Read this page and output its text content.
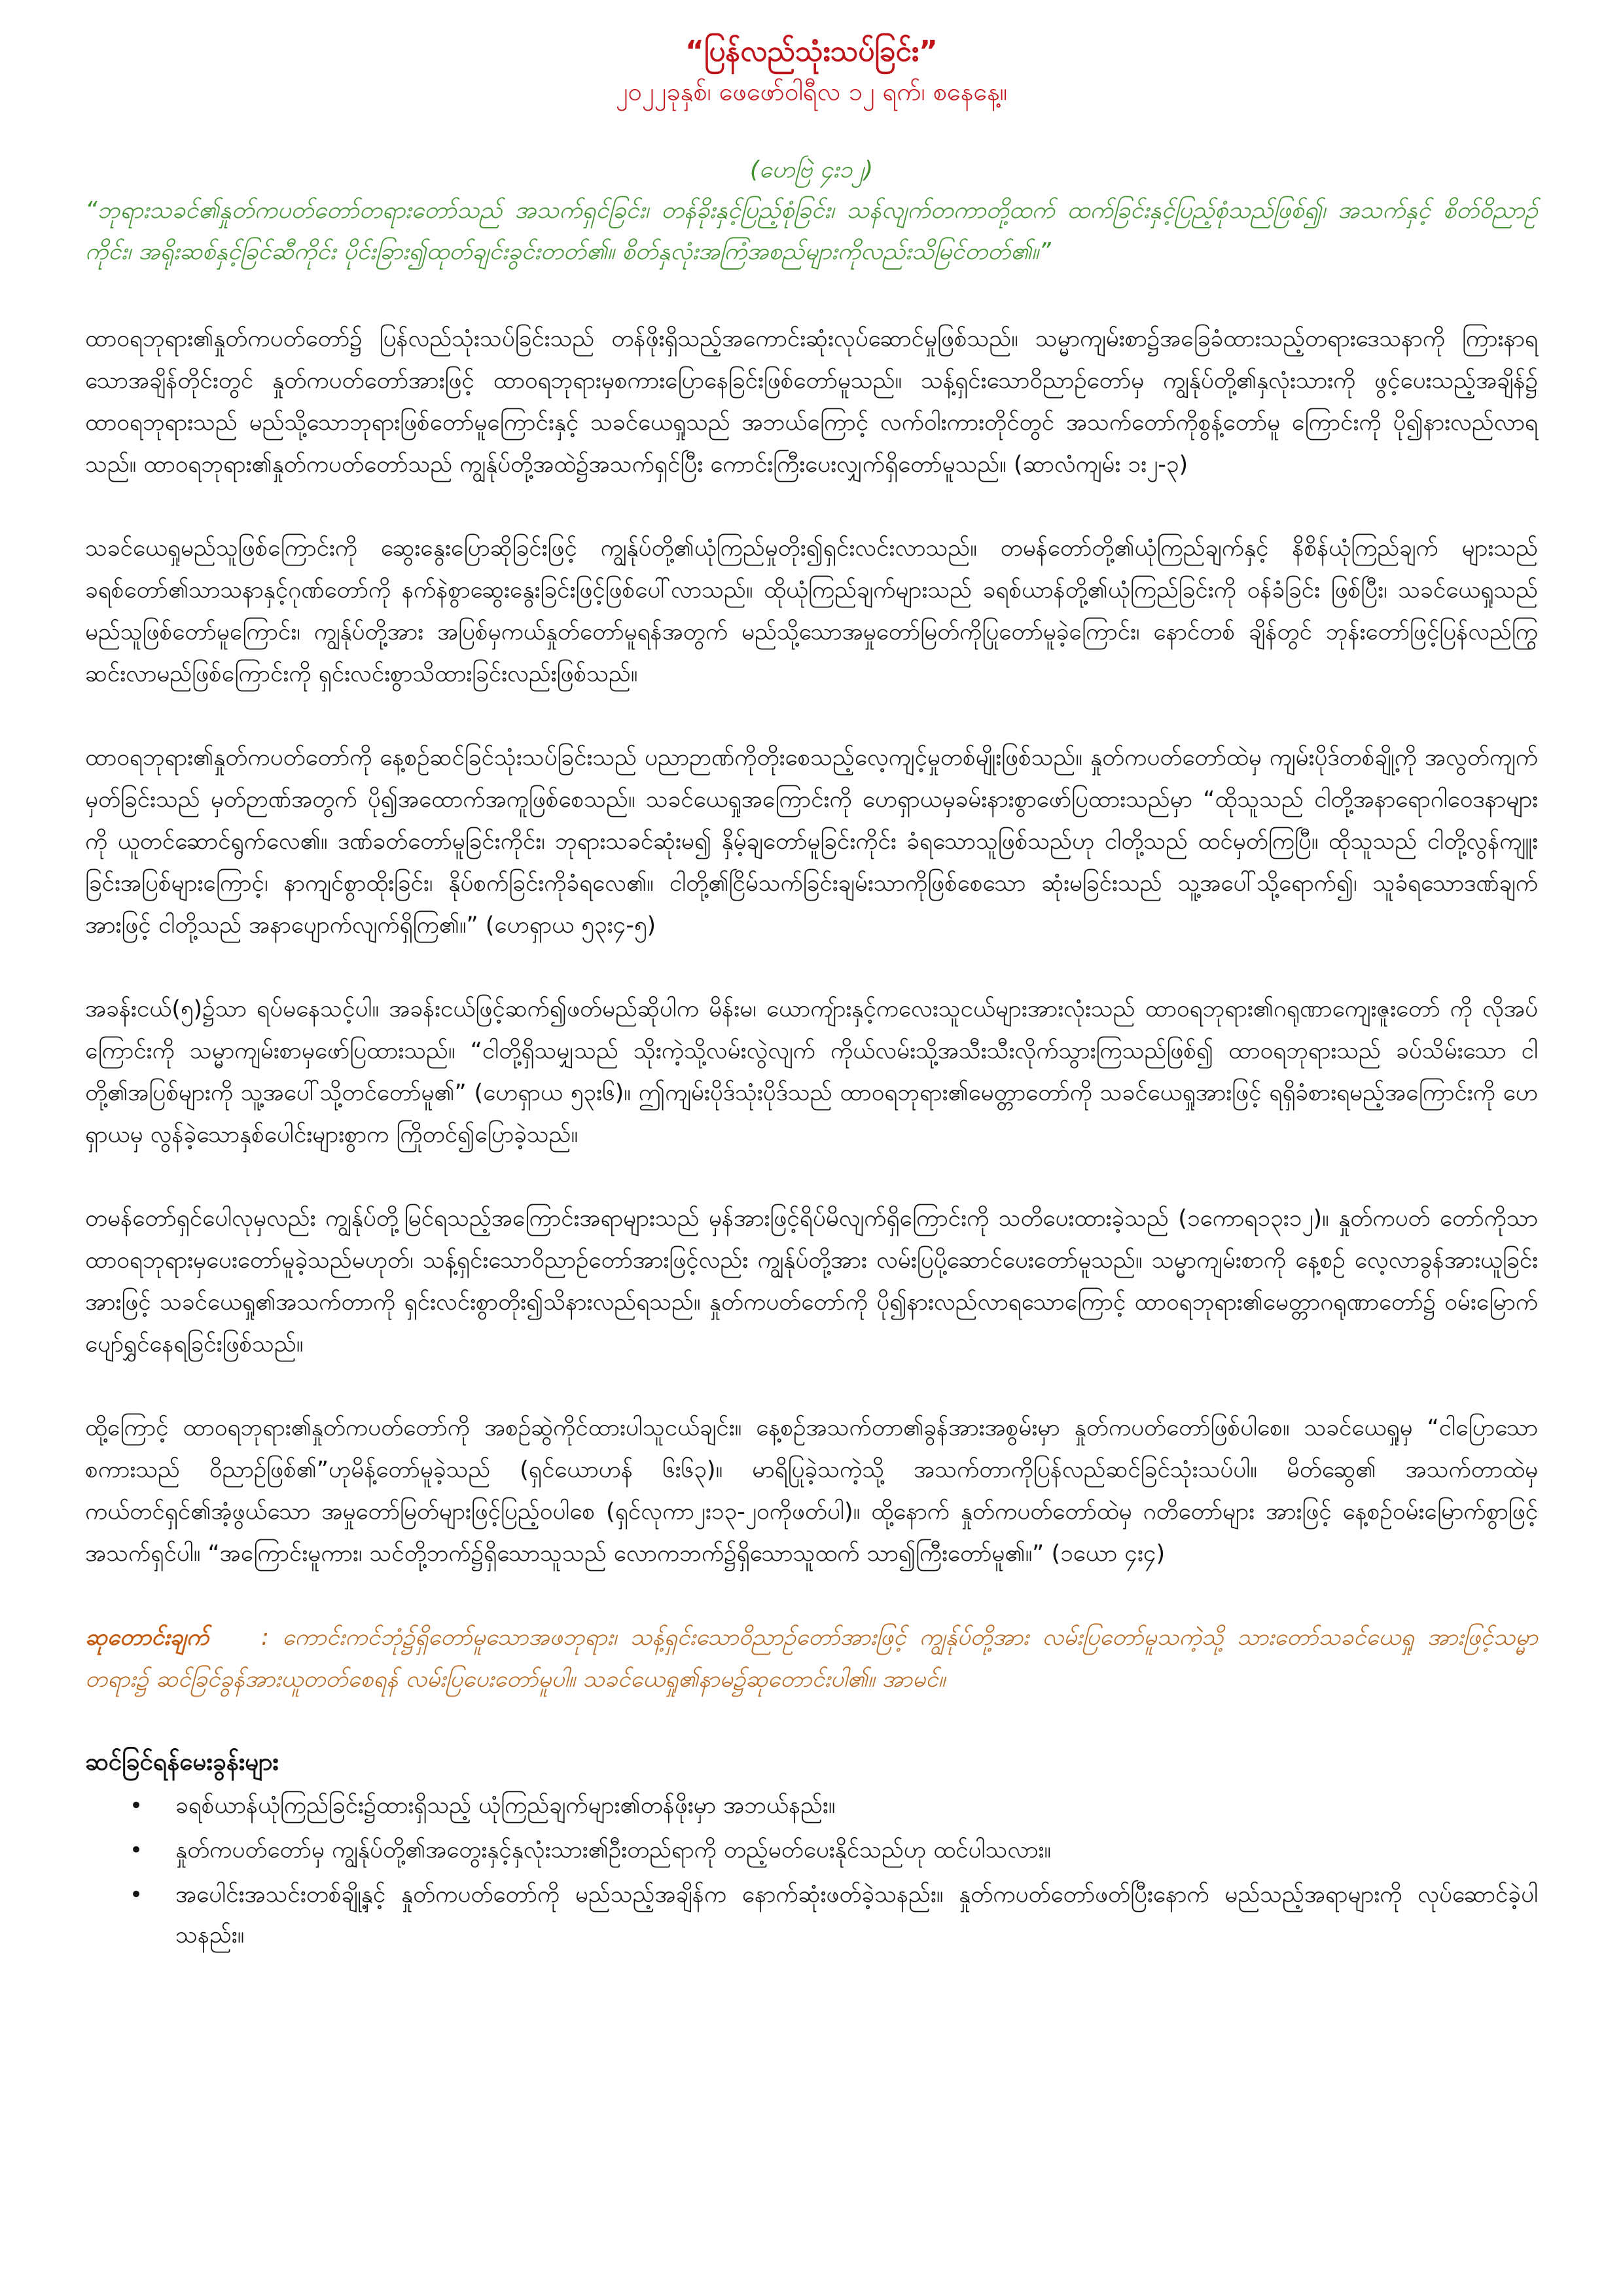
“ပြန်လည်သုံးသပ်ခြင်း”

၂၀၂၂ခုနှစ်၊ ဖေဖော်ဝါရီလ ၁၂ ရက်၊ စနေနေ့။

(ဟေဗြဲ ၄း၁၂)

“ဘုရားသခင်၏နှုတ်ကပတ်တော်တရားတော်သည် အသက်ရှင်ခြင်း၊ တန်ခိုးနှင့်ပြည့်စုံခြင်း၊ သန်လျက်တကာတို့ထက် ထက်ခြင်းနှင့်ပြည့်စုံသည်ဖြစ်၍၊ အသက်နှင့် စိတ်ဝိညာဉ်ကိုင်း၊ အရိုးဆစ်နှင့်ခြင်ဆီကိုင်း ပိုင်းခြား၍ထုတ်ချင်းခွင်းတတ်၏။ စိတ်နှလုံးအကြံအစည်များကိုလည်းသိမြင်တတ်၏။”

ထာဝရဘုရား၏နှုတ်ကပတ်တော်၌ ပြန်လည်သုံးသပ်ခြင်းသည် တန်ဖိုးရှိသည့်အကောင်းဆုံးလုပ်ဆောင်မှုဖြစ်သည်။ သမ္မာကျမ်းစာ၌အခြေခံထားသည့်တရားဒေသနာကို ကြားနာရသောအချိန်တိုင်းတွင် နှုတ်ကပတ်တော်အားဖြင့် ထာဝရဘုရားမှစကားပြောနေခြင်းဖြစ်တော်မူသည်။ သန့်ရှင်းသောဝိညာဉ်တော်မှ ကျွန်ုပ်တို့၏နှလုံးသားကို ဖွင့်ပေးသည့်အချိန်၌ ထာဝရဘုရားသည် မည်သို့သောဘုရားဖြစ်တော်မူကြောင်းနှင့် သခင်ယေရှုသည် အဘယ်ကြောင့် လက်ဝါးကားတိုင်တွင် အသက်တော်ကိုစွန့်တော်မူ ကြောင်းကို ပို၍နားလည်လာရသည်။ ထာဝရဘုရား၏နှုတ်ကပတ်တော်သည် ကျွန်ုပ်တို့အထဲ၌အသက်ရှင်ပြီး ကောင်းကြီးပေးလျှက်ရှိတော်မူသည်။ (ဆာလံကျမ်း ၁း၂-၃)

သခင်ယေရှုမည်သူဖြစ်ကြောင်းကို ဆွေးနွေးပြောဆိုခြင်းဖြင့် ကျွန်ုပ်တို့၏ယုံကြည်မှုတိုး၍ရှင်းလင်းလာသည်။ တမန်တော်တို့၏ယုံကြည်ချက်နှင့် နိစိန်ယုံကြည်ချက် များသည် ခရစ်တော်၏သာသနာနှင့်ဂုဏ်တော်ကို နက်နဲစွာဆွေးနွေးခြင်းဖြင့်ဖြစ်ပေါ်လာသည်။ ထိုယုံကြည်ချက်များသည် ခရစ်ယာန်တို့၏ယုံကြည်ခြင်းကို ဝန်ခံခြင်း ဖြစ်ပြီး၊ သခင်ယေရှုသည် မည်သူဖြစ်တော်မူကြောင်း၊ ကျွန်ုပ်တို့အား အပြစ်မှကယ်နှုတ်တော်မူရန်အတွက် မည်သို့သောအမှုတော်မြတ်ကိုပြုတော်မူခဲ့ကြောင်း၊ နောင်တစ် ချိန်တွင် ဘုန်းတော်ဖြင့်ပြန်လည်ကြွဆင်းလာမည်ဖြစ်ကြောင်းကို ရှင်းလင်းစွာသိထားခြင်းလည်းဖြစ်သည်။

ထာဝရဘုရား၏နှုတ်ကပတ်တော်ကို နေ့စဉ်ဆင်ခြင်သုံးသပ်ခြင်းသည် ပညာဉာဏ်ကိုတိုးစေသည့်လေ့ကျင့်မှုတစ်မျိုးဖြစ်သည်။ နှုတ်ကပတ်တော်ထဲမှ ကျမ်းပိုဒ်တစ်ချို့ကို အလွတ်ကျက်မှတ်ခြင်းသည် မှတ်ဉာဏ်အတွက် ပို၍အထောက်အကူဖြစ်စေသည်။ သခင်ယေရှုအကြောင်းကို ဟေရှာယမှခမ်းနားစွာဖော်ပြထားသည်မှာ “ထိုသူသည် ငါတို့အနာရောဂါဝေဒနာများကို ယူတင်ဆောင်ရွက်လေ၏။ ဒဏ်ခတ်တော်မူခြင်းကိုင်း၊ ဘုရားသခင်ဆုံးမ၍ နှိမ့်ချတော်မူခြင်းကိုင်း ခံရသောသူဖြစ်သည်ဟု ငါတို့သည် ထင်မှတ်ကြပြီ။ ထိုသူသည် ငါတို့လွန်ကျူးခြင်းအပြစ်များကြောင့်၊ နာကျင်စွာထိုးခြင်း၊ နိုပ်စက်ခြင်းကိုခံရလေ၏။ ငါတို့၏ငြိမ်သက်ခြင်းချမ်းသာကိုဖြစ်စေသော ဆုံးမခြင်းသည် သူ့အပေါ်သို့ရောက်၍၊ သူခံရသောဒဏ်ချက်အားဖြင့် ငါတို့သည် အနာပျောက်လျက်ရှိကြ၏။” (ဟေရှာယ ၅၃း၄-၅)

အခန်းငယ်(၅)၌သာ ရပ်မနေသင့်ပါ။ အခန်းငယ်ဖြင့်ဆက်၍ဖတ်မည်ဆိုပါက မိန်းမ၊ ယောကျ်ားနှင့်ကလေးသူငယ်များအားလုံးသည် ထာဝရဘုရား၏ဂရုဏာကျေးဇူးတော် ကို လိုအပ်ကြောင်းကို သမ္မာကျမ်းစာမှဖော်ပြထားသည်။ “ငါတို့ရှိသမျှသည် သိုးကဲ့သို့လမ်းလွဲလျက် ကိုယ်လမ်းသို့အသီးသီးလိုက်သွားကြသည်ဖြစ်၍ ထာဝရဘုရားသည် ခပ်သိမ်းသော ငါတို့၏အပြစ်များကို သူ့အပေါ်သို့တင်တော်မူ၏” (ဟေရှာယ ၅၃း၆)။ ဤကျမ်းပိုဒ်သုံးပိုဒ်သည် ထာဝရဘုရား၏မေတ္တာတော်ကို သခင်ယေရှုအားဖြင့် ရရှိခံစားရမည့်အကြောင်းကို ဟေရှာယမှ လွန်ခဲ့သောနှစ်ပေါင်းများစွာက ကြိုတင်၍ပြောခဲ့သည်။

တမန်တော်ရှင်ပေါလုမှလည်း ကျွန်ုပ်တို့မြင်ရသည့်အကြောင်းအရာများသည် မှန်အားဖြင့်ရိပ်မိလျက်ရှိကြောင်းကို သတိပေးထားခဲ့သည် (၁ကောရ၁၃း၁၂)။ နှုတ်ကပတ် တော်ကိုသာ ထာဝရဘုရားမှပေးတော်မူခဲ့သည်မဟုတ်၊ သန့်ရှင်းသောဝိညာဉ်တော်အားဖြင့်လည်း ကျွန်ုပ်တို့အား လမ်းပြပို့ဆောင်ပေးတော်မူသည်။ သမ္မာကျမ်းစာကို နေ့စဉ် လေ့လာခွန်အားယူခြင်းအားဖြင့် သခင်ယေရှု၏အသက်တာကို ရှင်းလင်းစွာတိုး၍သိနားလည်ရသည်။ နှုတ်ကပတ်တော်ကို ပို၍နားလည်လာရသောကြောင့် ထာဝရဘုရား၏မေတ္တာဂရုဏာတော်၌ ဝမ်းမြောက်ပျော်ရွှင်နေရခြင်းဖြစ်သည်။

ထို့ကြောင့် ထာဝရဘုရား၏နှုတ်ကပတ်တော်ကို အစဉ်ဆွဲကိုင်ထားပါသူငယ်ချင်း။ နေ့စဉ်အသက်တာ၏ခွန်အားအစွမ်းမှာ နှုတ်ကပတ်တော်ဖြစ်ပါစေ။ သခင်ယေရှုမှ “ငါပြောသောစကားသည် ဝိညာဉ်ဖြစ်၏”ဟုမိန့်တော်မူခဲ့သည် (ရှင်ယောဟန် ၆း၆၃)။ မာရိပြုခဲ့သကဲ့သို့ အသက်တာကိုပြန်လည်ဆင်ခြင်သုံးသပ်ပါ။ မိတ်ဆွေ၏ အသက်တာထဲမှ ကယ်တင်ရှင်၏အံ့ဖွယ်သော အမှုတော်မြတ်များဖြင့်ပြည့်ဝပါစေ (ရှင်လုကာ၂း၁၃-၂၀ကိုဖတ်ပါ)။ ထို့နောက် နှုတ်ကပတ်တော်ထဲမှ ဂတိတော်များ အားဖြင့် နေ့စဉ်ဝမ်းမြောက်စွာဖြင့် အသက်ရှင်ပါ။ “အကြောင်းမူကား၊ သင်တို့ဘက်၌ရှိသောသူသည် လောကဘက်၌ရှိသောသူထက် သာ၍ကြီးတော်မူ၏။” (၁ယော ၄း၄)

ဆုတောင်းချက် : ကောင်းကင်ဘုံ၌ရှိတော်မူသောအဖဘုရား၊ သန့်ရှင်းသောဝိညာဉ်တော်အားဖြင့် ကျွန်ုပ်တို့အား လမ်းပြတော်မူသကဲ့သို့ သားတော်သခင်ယေရှု အားဖြင့်သမ္မာတရား၌ ဆင်ခြင်ခွန်အားယူတတ်စေရန် လမ်းပြပေးတော်မူပါ။ သခင်ယေရှု၏နာမ၌ဆုတောင်းပါ၏။ အာမင်။

ဆင်ခြင်ရန်မေးခွန်းများ

• ခရစ်ယာန်ယုံကြည်ခြင်း၌ထားရှိသည့် ယုံကြည်ချက်များ၏တန်ဖိုးမှာ အဘယ်နည်း။
• နှုတ်ကပတ်တော်မှ ကျွန်ုပ်တို့၏အတွေးနှင့်နှလုံးသား၏ဦးတည်ရာကို တည့်မတ်ပေးနိုင်သည်ဟု ထင်ပါသလား။
• အပေါင်းအသင်းတစ်ချို့နှင့် နှုတ်ကပတ်တော်ကို မည်သည့်အချိန်က နောက်ဆုံးဖတ်ခဲ့သနည်း။ နှုတ်ကပတ်တော်ဖတ်ပြီးနောက် မည်သည့်အရာများကို လုပ်ဆောင်ခဲ့ပါသနည်း။
